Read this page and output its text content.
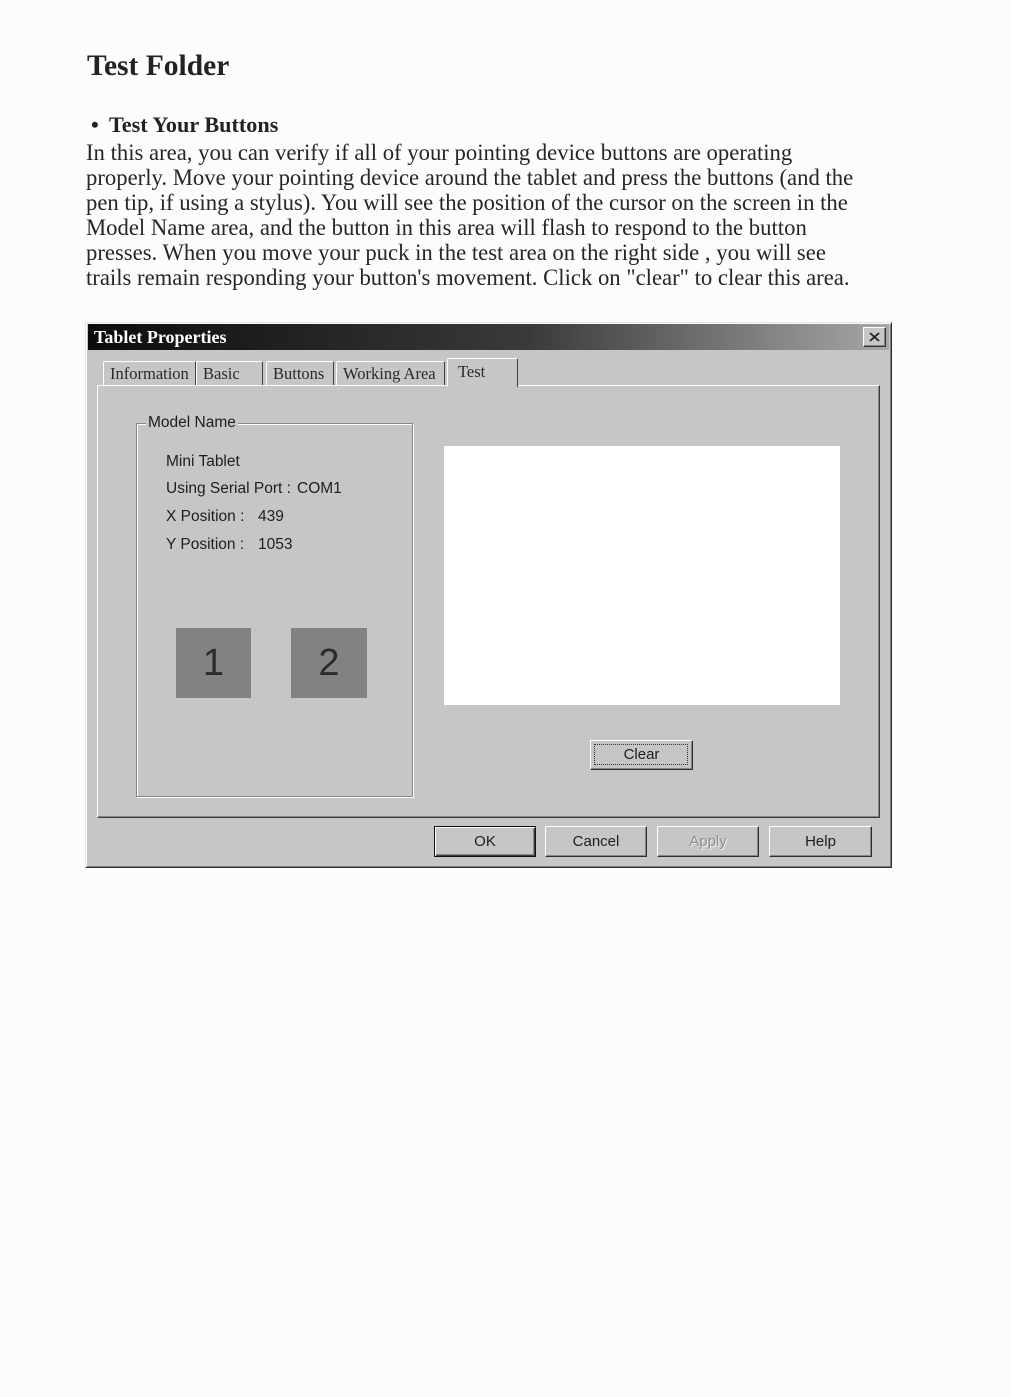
Test Folder
• Test Your Buttons
In this area, you can verify if all of your pointing device buttons are operating
properly. Move your pointing device around the tablet and press the buttons (and the
pen tip, if using a stylus). You will see the position of the cursor on the screen in the
Model Name area, and the button in this area will flash to respond to the button
presses. When you move your puck in the test area on the right side , you will see
trails remain responding your button's movement. Click on "clear" to clear this area.
Tablet Properties
Information Basic	Buttons	Working Area	Test
Model Name
Mini Tablet
Using Serial Port : COM1
X Position : 439
Y Position : 1053
1	2
Clear
OK	Cancel	Apply	Help
